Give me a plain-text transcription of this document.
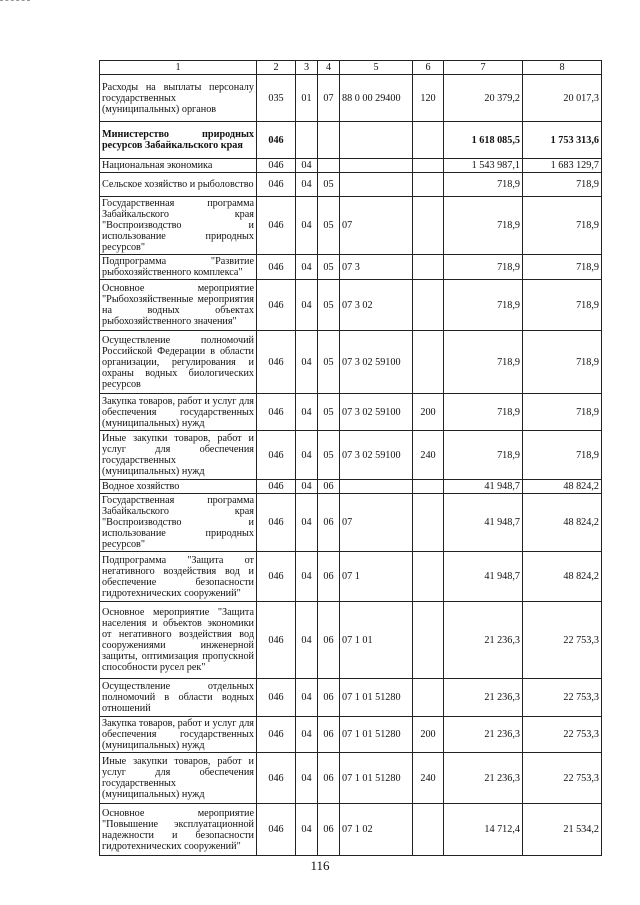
1	2	3	4	5	6	7	8
Расходы на выплаты персоналу государственных (муниципальных) органов	035	01	07	88 0 00 29400	120	20 379,2	20 017,3
Министерство природных ресурсов Забайкальского края	046					1 618 085,5	1 753 313,6
Национальная экономика	046	04				1 543 987,1	1 683 129,7
Сельское хозяйство и рыболовство	046	04	05			718,9	718,9
Государственная программа Забайкальского края "Воспроизводство и использование природных ресурсов"	046	04	05	07		718,9	718,9
Подпрограмма "Развитие рыбохозяйственного комплекса"	046	04	05	07 3		718,9	718,9
Основное мероприятие "Рыбохозяйственные мероприятия на водных объектах рыбохозяйственного значения"	046	04	05	07 3 02		718,9	718,9
Осуществление полномочий Российской Федерации в области организации, регулирования и охраны водных биологических ресурсов	046	04	05	07 3 02 59100		718,9	718,9
Закупка товаров, работ и услуг для обеспечения государственных (муниципальных) нужд	046	04	05	07 3 02 59100	200	718,9	718,9
Иные закупки товаров, работ и услуг для обеспечения государственных (муниципальных) нужд	046	04	05	07 3 02 59100	240	718,9	718,9
Водное хозяйство	046	04	06			41 948,7	48 824,2
Государственная программа Забайкальского края "Воспроизводство и использование природных ресурсов"	046	04	06	07		41 948,7	48 824,2
Подпрограмма "Защита от негативного воздействия вод и обеспечение безопасности гидротехнических сооружений"	046	04	06	07 1		41 948,7	48 824,2
Основное мероприятие "Защита населения и объектов экономики от негативного воздействия вод сооружениями инженерной защиты, оптимизация пропускной способности русел рек"	046	04	06	07 1 01		21 236,3	22 753,3
Осуществление отдельных полномочий в области водных отношений	046	04	06	07 1 01 51280		21 236,3	22 753,3
Закупка товаров, работ и услуг для обеспечения государственных (муниципальных) нужд	046	04	06	07 1 01 51280	200	21 236,3	22 753,3
Иные закупки товаров, работ и услуг для обеспечения государственных (муниципальных) нужд	046	04	06	07 1 01 51280	240	21 236,3	22 753,3
Основное мероприятие "Повышение эксплуатационной надежности и безопасности гидротехнических сооружений"	046	04	06	07 1 02		14 712,4	21 534,2
116
